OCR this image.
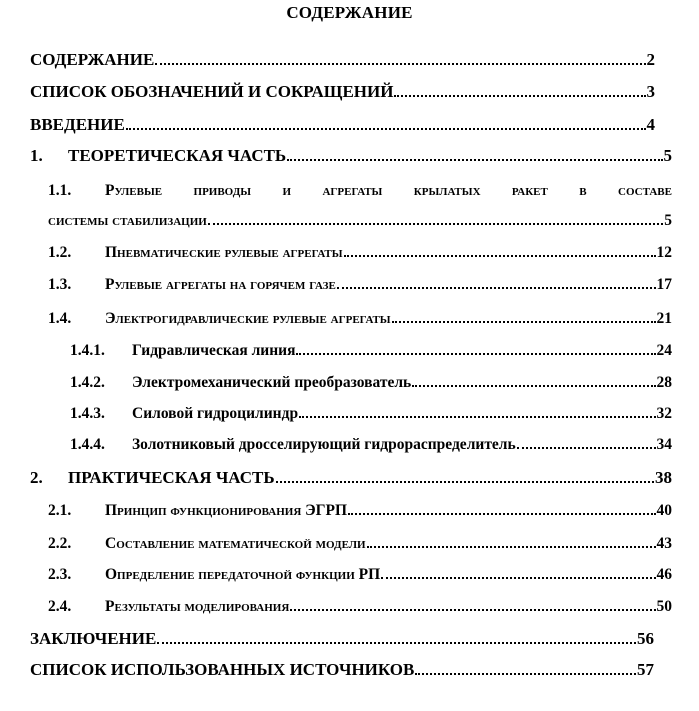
СОДЕРЖАНИЕ
СОДЕРЖАНИЕ	2
СПИСОК ОБОЗНАЧЕНИЙ И СОКРАЩЕНИЙ	3
ВВЕДЕНИЕ	4
1. ТЕОРЕТИЧЕСКАЯ ЧАСТЬ	5
1.1. Рулевые приводы и агрегаты крылатых ракет в составе
системы стабилизации	5
1.2. Пневматические рулевые агрегаты	12
1.3. Рулевые агрегаты на горячем газе	17
1.4. Электрогидравлические рулевые агрегаты	21
1.4.1. Гидравлическая линия	24
1.4.2. Электромеханический преобразователь	28
1.4.3. Силовой гидроцилиндр	32
1.4.4. Золотниковый дросселирующий гидрораспределитель	34
2. ПРАКТИЧЕСКАЯ ЧАСТЬ	38
2.1. Принцип функционирования ЭГРП	40
2.2. Составление математической модели	43
2.3. Определение передаточной функции РП	46
2.4. Результаты моделирования	50
ЗАКЛЮЧЕНИЕ	56
СПИСОК ИСПОЛЬЗОВАННЫХ ИСТОЧНИКОВ	57
